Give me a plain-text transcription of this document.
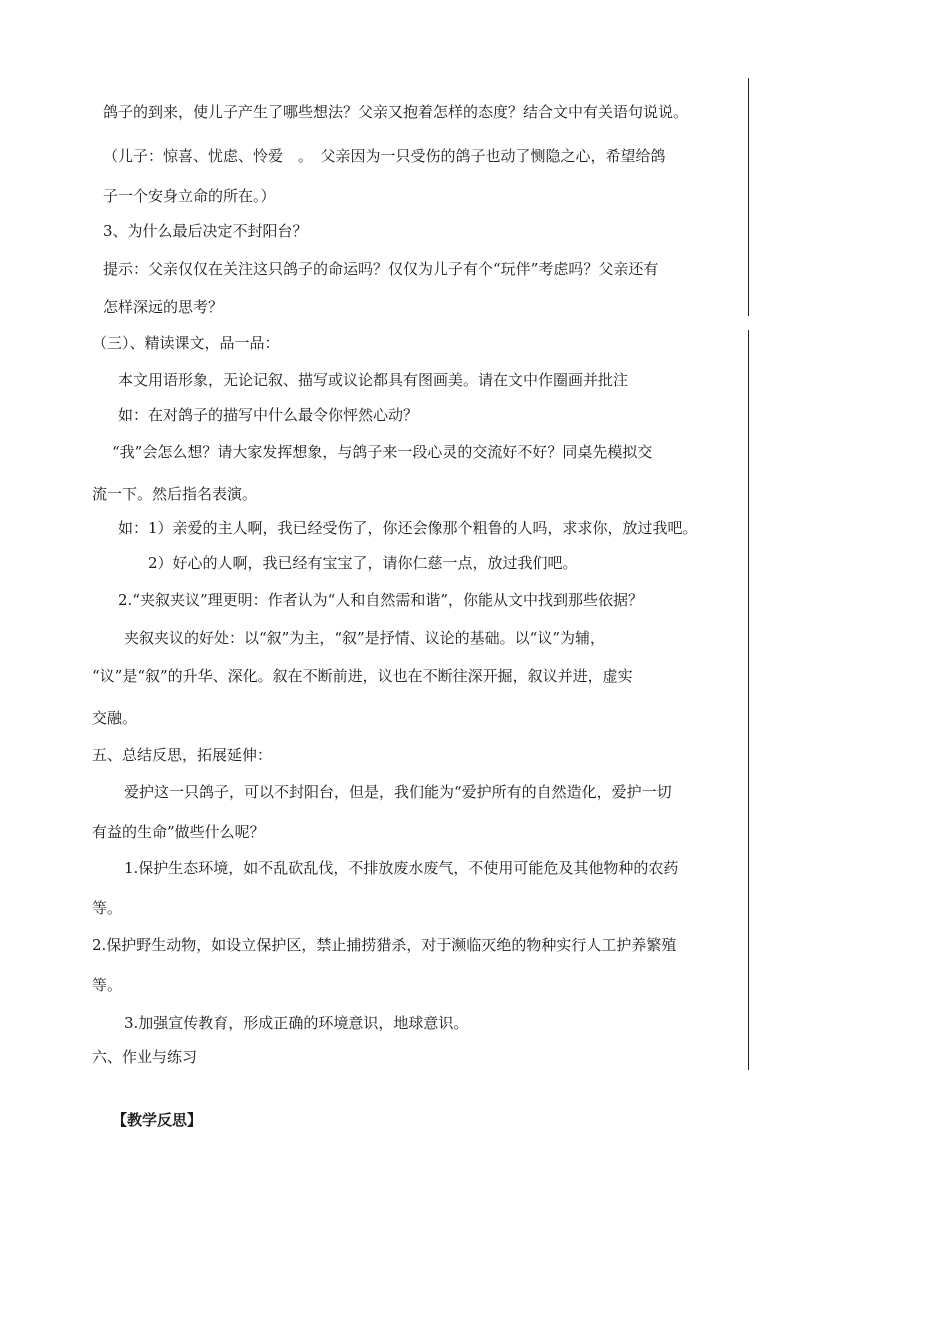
鸽子的到来，使儿子产生了哪些想法？父亲又抱着怎样的态度？结合文中有关语句说说。
（儿子：惊喜、忧虑、怜爱　。　父亲因为一只受伤的鸽子也动了恻隐之心，希望给鸽
子一个安身立命的所在。）
3、为什么最后决定不封阳台？
提示：父亲仅仅在关注这只鸽子的命运吗？仅仅为儿子有个“玩伴”考虑吗？父亲还有
怎样深远的思考？
（三）、精读课文，品一品：
本文用语形象，无论记叙、描写或议论都具有图画美。请在文中作圈画并批注
如：在对鸽子的描写中什么最令你怦然心动？
“我”会怎么想？请大家发挥想象，与鸽子来一段心灵的交流好不好？同桌先模拟交
流一下。然后指名表演。
如：1）亲爱的主人啊，我已经受伤了，你还会像那个粗鲁的人吗，求求你，放过我吧。
2）好心的人啊，我已经有宝宝了，请你仁慈一点，放过我们吧。
2.“夹叙夹议”理更明：作者认为“人和自然需和谐”，你能从文中找到那些依据？
夹叙夹议的好处：以“叙”为主，“叙”是抒情、议论的基础。以“议”为辅，
“议”是“叙”的升华、深化。叙在不断前进，议也在不断往深开掘，叙议并进，虚实
交融。
五、总结反思，拓展延伸：
爱护这一只鸽子，可以不封阳台，但是，我们能为“爱护所有的自然造化，爱护一切
有益的生命”做些什么呢？
1.保护生态环境，如不乱砍乱伐，不排放废水废气，不使用可能危及其他物种的农药
等。
2.保护野生动物，如设立保护区，禁止捕捞猎杀，对于濒临灭绝的物种实行人工护养繁殖
等。
3.加强宣传教育，形成正确的环境意识，地球意识。
六、作业与练习
【教学反思】
